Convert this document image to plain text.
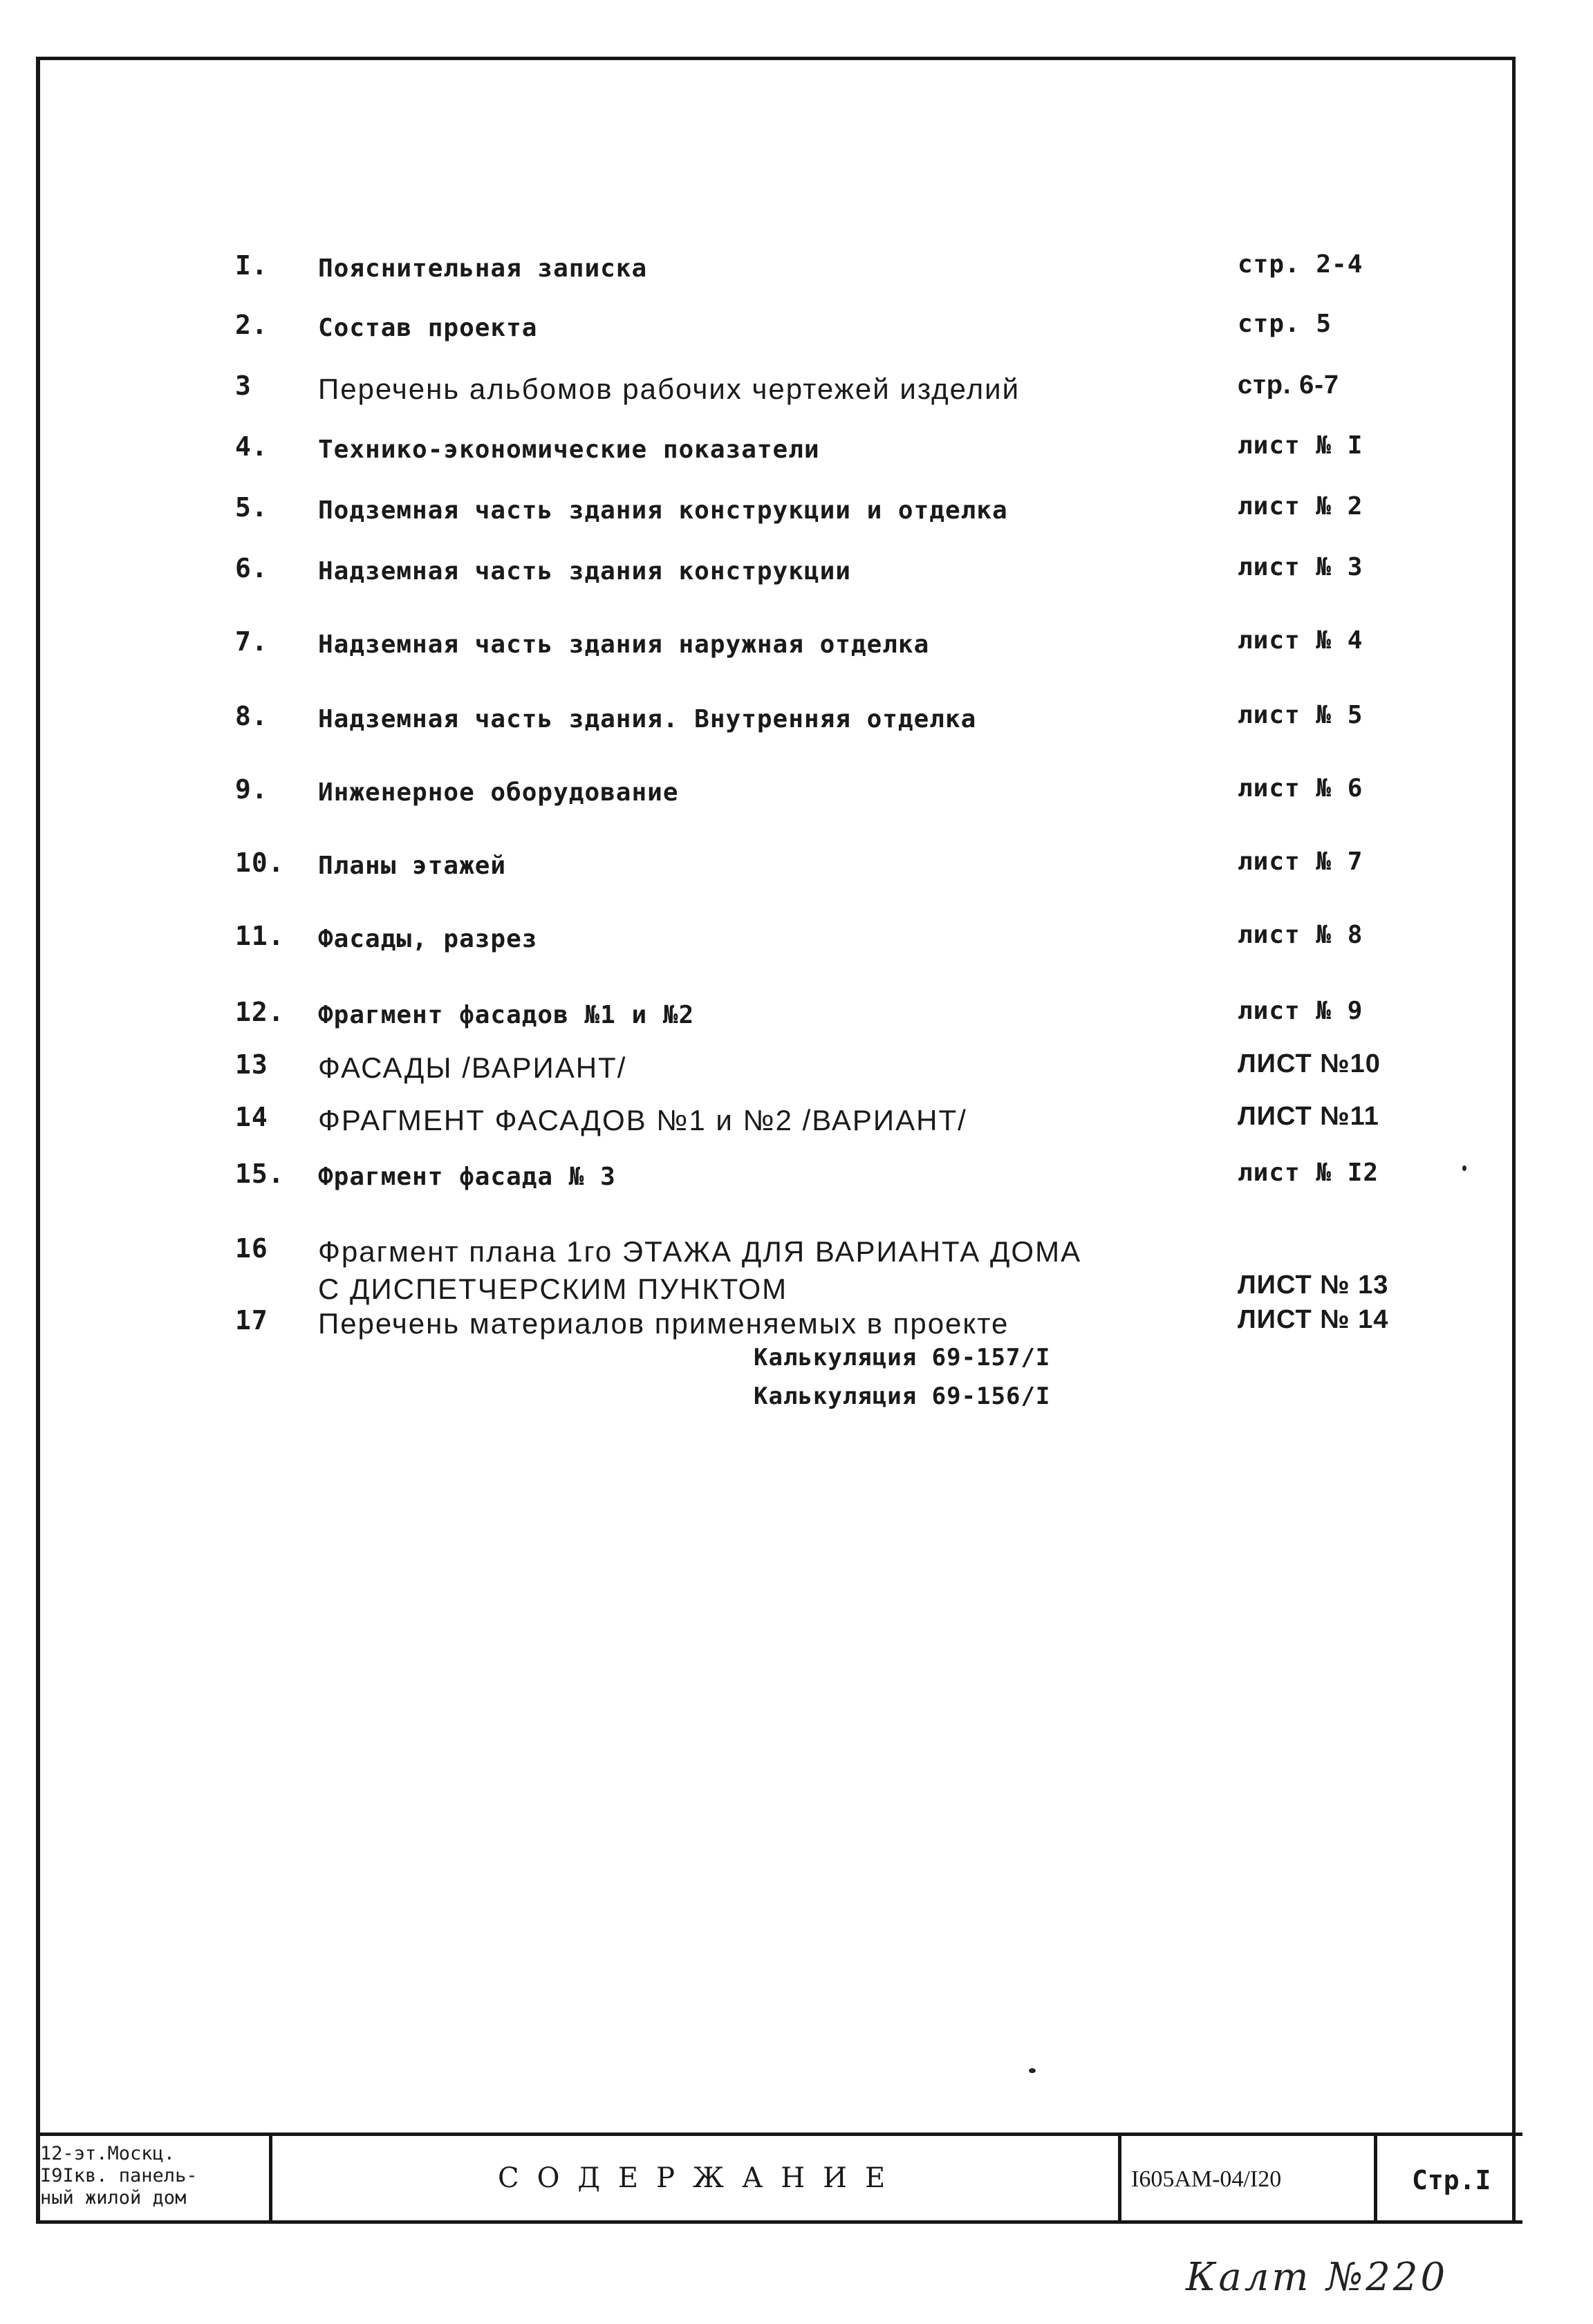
I.	Пояснительная записка	стр. 2-4
2.	Состав проекта	стр. 5
3	Перечень альбомов рабочих чертежей изделий	стр. 6-7
4.	Технико-экономические показатели	лист № I
5.	Подземная часть здания конструкции и отделка	лист № 2
6.	Надземная часть здания конструкции	лист № 3
7.	Надземная часть здания наружная отделка	лист № 4
8.	Надземная часть здания. Внутренняя отделка	лист № 5
9.	Инженерное оборудование	лист № 6
10.	Планы этажей	лист № 7
11.	Фасады, разрез	лист № 8
12.	Фрагмент фасадов №1 и №2	лист № 9
13	ФАСАДЫ /ВАРИАНТ/	ЛИСТ №10
14	ФРАГМЕНТ ФАСАДОВ №1 и №2 /ВАРИАНТ/	ЛИСТ №11
15.	Фрагмент фасада № 3	лист № I2
16	Фрагмент плана 1го ЭТАЖА ДЛЯ ВАРИАНТА ДОМА
С ДИСПЕТЧЕРСКИМ ПУНКТОМ	ЛИСТ № 13
17	Перечень материалов применяемых в проекте	ЛИСТ № 14
Калькуляция 69-157/I
Калькуляция 69-156/I
12-эт.Москц.
I9Iкв. панель-
ный жилой дом
СОДЕРЖАНИЕ	I605АМ-04/I20	Стр.I
Калт №220
